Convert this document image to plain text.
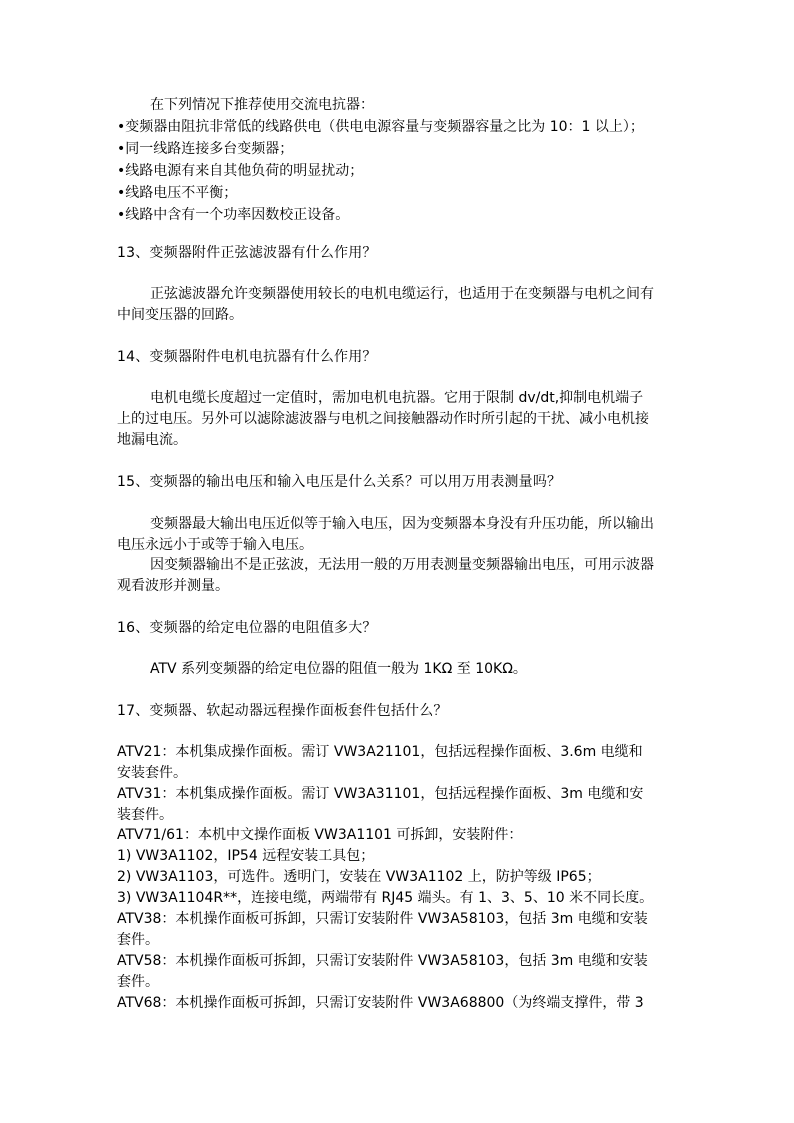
在下列情况下推荐使用交流电抗器：
•变频器由阻抗非常低的线路供电（供电电源容量与变频器容量之比为 10：1 以上）；
•同一线路连接多台变频器；
•线路电源有来自其他负荷的明显扰动；
•线路电压不平衡；
•线路中含有一个功率因数校正设备。
13、变频器附件正弦滤波器有什么作用？
正弦滤波器允许变频器使用较长的电机电缆运行，也适用于在变频器与电机之间有
中间变压器的回路。
14、变频器附件电机电抗器有什么作用？
电机电缆长度超过一定值时，需加电机电抗器。它用于限制 dv/dt,抑制电机端子
上的过电压。另外可以滤除滤波器与电机之间接触器动作时所引起的干扰、减小电机接
地漏电流。
15、变频器的输出电压和输入电压是什么关系？可以用万用表测量吗？
变频器最大输出电压近似等于输入电压，因为变频器本身没有升压功能，所以输出
电压永远小于或等于输入电压。
因变频器输出不是正弦波，无法用一般的万用表测量变频器输出电压，可用示波器
观看波形并测量。
16、变频器的给定电位器的电阻值多大？
ATV 系列变频器的给定电位器的阻值一般为 1KΩ 至 10KΩ。
17、变频器、软起动器远程操作面板套件包括什么？
ATV21：本机集成操作面板。需订 VW3A21101，包括远程操作面板、3.6m 电缆和
安装套件。
ATV31：本机集成操作面板。需订 VW3A31101，包括远程操作面板、3m 电缆和安
装套件。
ATV71/61：本机中文操作面板 VW3A1101 可拆卸，安装附件：
1) VW3A1102，IP54 远程安装工具包；
2) VW3A1103，可选件。透明门，安装在 VW3A1102 上，防护等级 IP65；
3) VW3A1104R**，连接电缆，两端带有 RJ45 端头。有 1、3、5、10 米不同长度。
ATV38：本机操作面板可拆卸，只需订安装附件 VW3A58103，包括 3m 电缆和安装
套件。
ATV58：本机操作面板可拆卸，只需订安装附件 VW3A58103，包括 3m 电缆和安装
套件。
ATV68：本机操作面板可拆卸，只需订安装附件 VW3A68800（为终端支撑件，带 3
